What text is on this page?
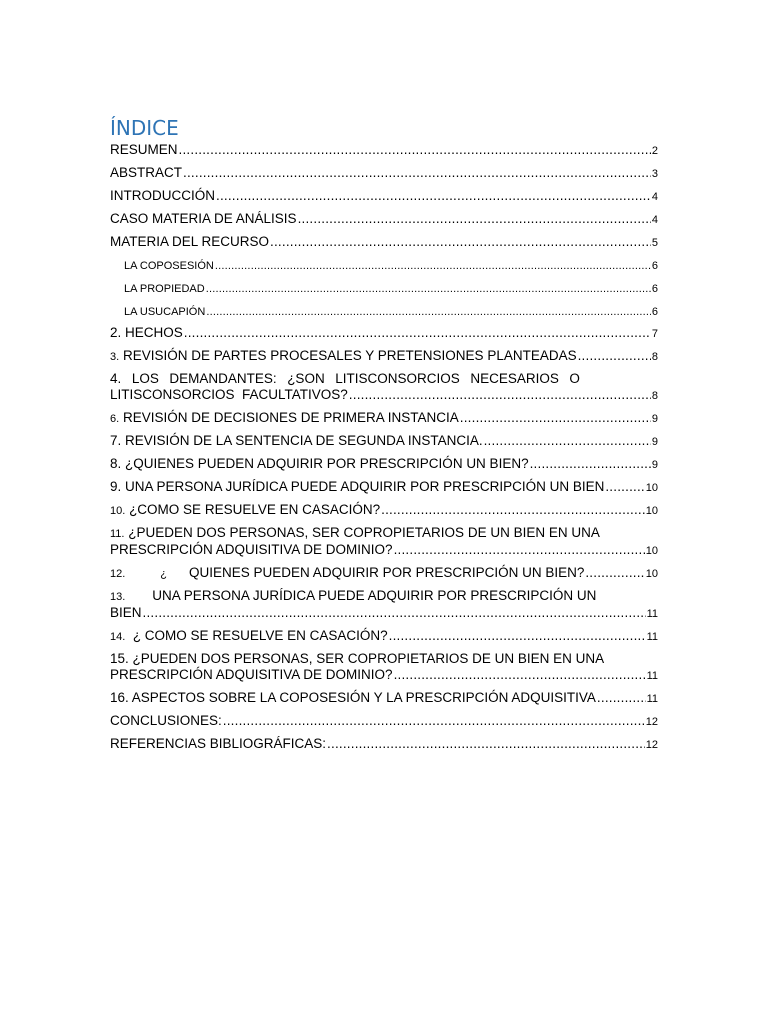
ÍNDICE
RESUMEN .....	2
ABSTRACT .....	3
INTRODUCCIÓN .....	4
CASO MATERIA DE ANÁLISIS .....	4
MATERIA DEL RECURSO .....	5
LA COPOSESIÓN .....	6
LA PROPIEDAD .....	6
LA USUCAPIÓN .....	6
2. HECHOS .....	7
3. REVISIÓN DE PARTES PROCESALES Y PRETENSIONES PLANTEADAS .....	8
4. LOS DEMANDANTES: ¿SON LITISCONSORCIOS NECESARIOS O
LITISCONSORCIOS  FACULTATIVOS? .....	8
6. REVISIÓN DE DECISIONES DE PRIMERA INSTANCIA .....	9
7. REVISIÓN DE LA SENTENCIA DE SEGUNDA INSTANCIA. .....	9
8. ¿QUIENES PUEDEN ADQUIRIR POR PRESCRIPCIÓN UN BIEN? .....	9
9. UNA PERSONA JURÍDICA PUEDE ADQUIRIR POR PRESCRIPCIÓN UN BIEN .....	10
10. ¿COMO SE RESUELVE EN CASACIÓN? .....	10
11. ¿PUEDEN DOS PERSONAS, SER COPROPIETARIOS DE UN BIEN EN UNA
PRESCRIPCIÓN ADQUISITIVA DE DOMINIO? .....	10
12.	¿ QUIENES PUEDEN ADQUIRIR POR PRESCRIPCIÓN UN BIEN? .....	10
13. UNA PERSONA JURÍDICA PUEDE ADQUIRIR POR PRESCRIPCIÓN UN
BIEN .....	11
14. ¿ COMO SE RESUELVE EN CASACIÓN? .....	11
15. ¿PUEDEN DOS PERSONAS, SER COPROPIETARIOS DE UN BIEN EN UNA
PRESCRIPCIÓN ADQUISITIVA DE DOMINIO? .....	11
16. ASPECTOS SOBRE LA COPOSESIÓN Y LA PRESCRIPCIÓN ADQUISITIVA .....	11
CONCLUSIONES: .....	12
REFERENCIAS BIBLIOGRÁFICAS: .....	12
